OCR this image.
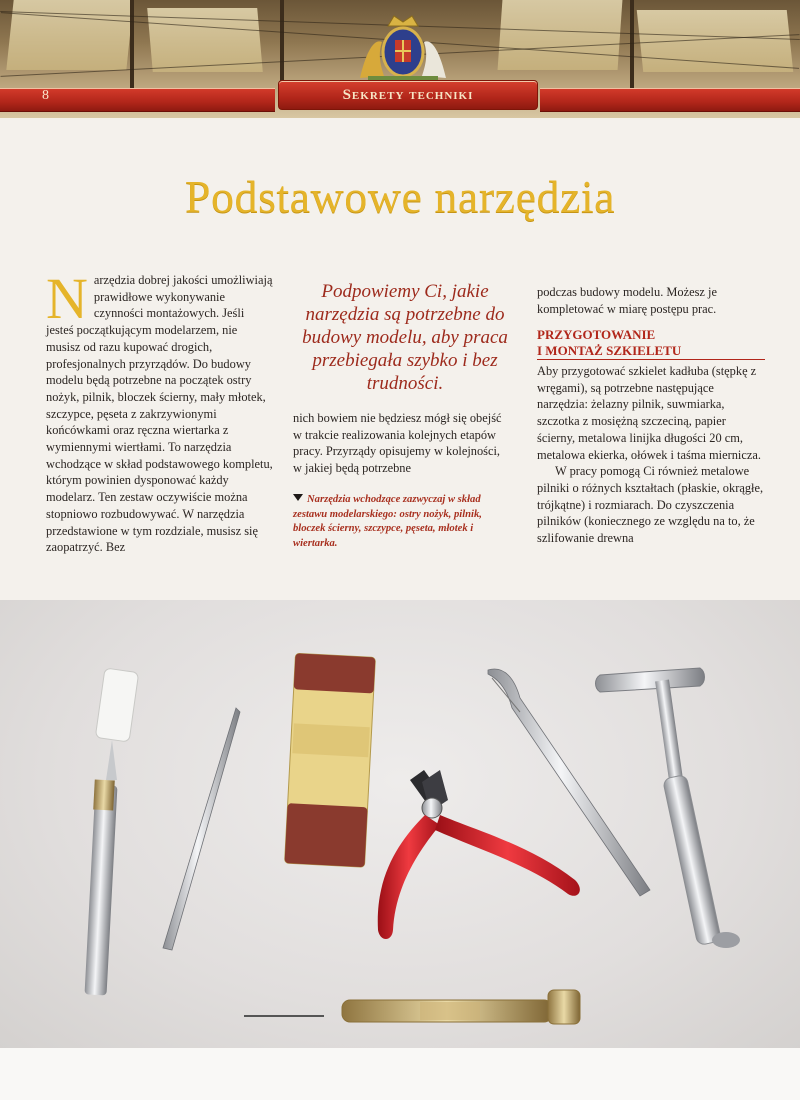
8	Sekrety techniki
Podstawowe narzędzia
N arzędzia dobrej jakości umożliwiają prawidłowe wykonywanie czynności montażowych. Jeśli jesteś początkującym modelarzem, nie musisz od razu kupować drogich, profesjonalnych przyrządów. Do budowy modelu będą potrzebne na początek ostry nożyk, pilnik, bloczek ścierny, mały młotek, szczypce, pęseta z zakrzywionymi końcówkami oraz ręczna wiertarka z wymiennymi wiertłami. To narzędzia wchodzące w skład podstawowego kompletu, którym powinien dysponować każdy modelarz. Ten zestaw oczywiście można stopniowo rozbudowywać. W narzędzia przedstawione w tym rozdziale, musisz się zaopatrzyć. Bez

Podpowiemy Ci, jakie narzędzia są potrzebne do budowy modelu, aby praca przebiegała szybko i bez trudności.

nich bowiem nie będziesz mógł się obejść w trakcie realizowania kolejnych etapów pracy. Przyrządy opisujemy w kolejności, w jakiej będą potrzebne

Narzędzia wchodzące zazwyczaj w skład zestawu modelarskiego: ostry nożyk, pilnik, bloczek ścierny, szczypce, pęseta, młotek i wiertarka.

podczas budowy modelu. Możesz je kompletować w miarę postępu prac.

PRZYGOTOWANIE
I MONTAŻ SZKIELETU

Aby przygotować szkielet kadłuba (stępkę z wręgami), są potrzebne następujące narzędzia: żelazny pilnik, suwmiarka, szczotka z mosiężną szczeciną, papier ścierny, metalowa linijka długości 20 cm, metalowa ekierka, ołówek i taśma miernicza.

W pracy pomogą Ci również metalowe pilniki o różnych kształtach (płaskie, okrągłe, trójkątne) i rozmiarach. Do czyszczenia pilników (koniecznego ze względu na to, że szlifowanie drewna
